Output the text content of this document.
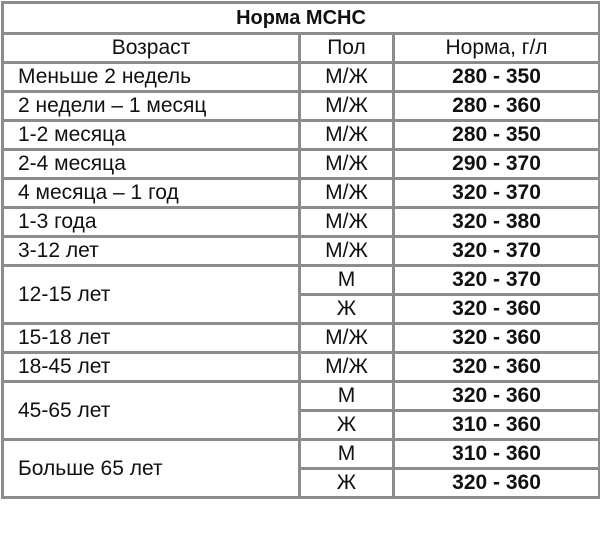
Норма МСНС		
Возраст	Пол	Норма, г/л
Меньше 2 недель	М/Ж	280 - 350
2 недели – 1 месяц	М/Ж	280 - 360
1-2 месяца	М/Ж	280 - 350
2-4 месяца	М/Ж	290 - 370
4 месяца – 1 год	М/Ж	320 - 370
1-3 года	М/Ж	320 - 380
3-12 лет	М/Ж	320 - 370
12-15 лет	М	320 - 370
	Ж	320 - 360
15-18 лет	М/Ж	320 - 360
18-45 лет	М/Ж	320 - 360
45-65 лет	М	320 - 360
	Ж	310 - 360
Больше 65 лет	М	310 - 360
	Ж	320 - 360
